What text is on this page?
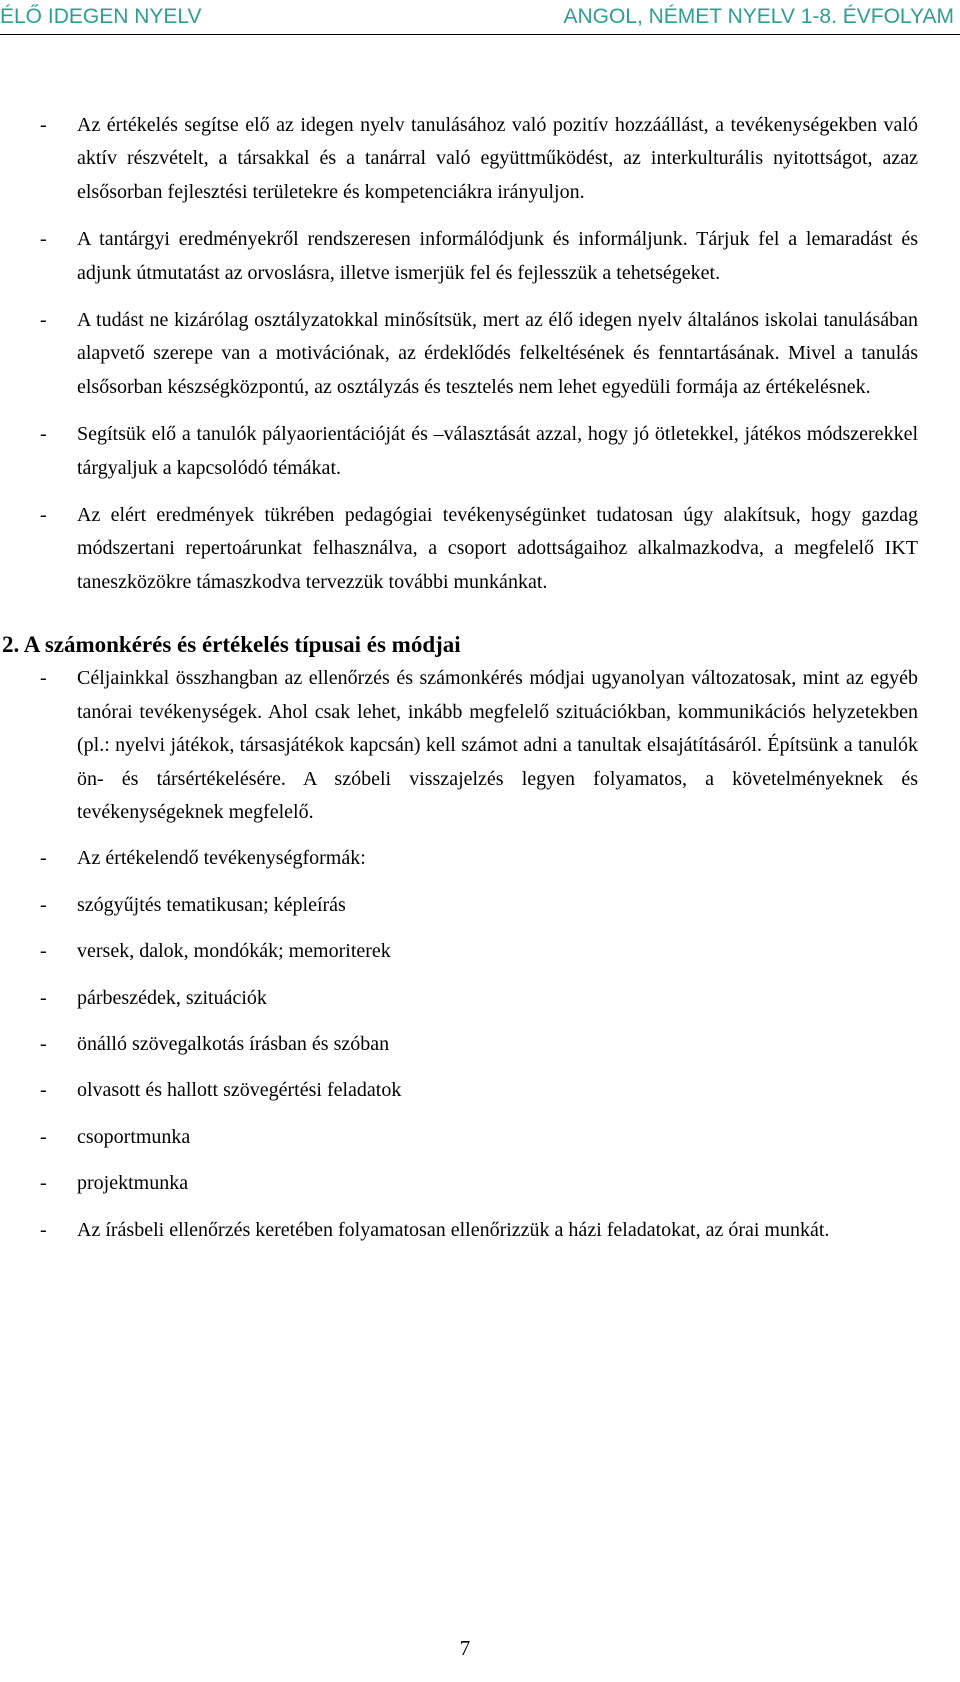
ÉLŐ IDEGEN NYELV	ANGOL, NÉMET NYELV 1-8. ÉVFOLYAM
- Az értékelés segítse elő az idegen nyelv tanulásához való pozitív hozzáállást, a tevékenységekben való aktív részvételt, a társakkal és a tanárral való együttműködést, az interkulturális nyitottságot, azaz elsősorban fejlesztési területekre és kompetenciákra irányuljon.
- A tantárgyi eredményekről rendszeresen informálódjunk és informáljunk. Tárjuk fel a lemaradást és adjunk útmutatást az orvoslásra, illetve ismerjük fel és fejlesszük a tehetségeket.
- A tudást ne kizárólag osztályzatokkal minősítsük, mert az élő idegen nyelv általános iskolai tanulásában alapvető szerepe van a motivációnak, az érdeklődés felkeltésének és fenntartásának. Mivel a tanulás elsősorban készségközpontú, az osztályzás és tesztelés nem lehet egyedüli formája az értékelésnek.
- Segítsük elő a tanulók pályaorientációját és –választását azzal, hogy jó ötletekkel, játékos módszerekkel tárgyaljuk a kapcsolódó témákat.
- Az elért eredmények tükrében pedagógiai tevékenységünket tudatosan úgy alakítsuk, hogy gazdag módszertani repertoárunkat felhasználva, a csoport adottságaihoz alkalmazkodva, a megfelelő IKT taneszközökre támaszkodva tervezzük további munkánkat.
2. A számonkérés és értékelés típusai és módjai
- Céljainkkal összhangban az ellenőrzés és számonkérés módjai ugyanolyan változatosak, mint az egyéb tanórai tevékenységek. Ahol csak lehet, inkább megfelelő szituációkban, kommunikációs helyzetekben (pl.: nyelvi játékok, társasjátékok kapcsán) kell számot adni a tanultak elsajátításáról. Építsünk a tanulók ön- és társértékelésére. A szóbeli visszajelzés legyen folyamatos, a követelményeknek és tevékenységeknek megfelelő.
- Az értékelendő tevékenységformák:
- szógyűjtés tematikusan; képleírás
- versek, dalok, mondókák; memoriterek
- párbeszédek, szituációk
- önálló szövegalkotás írásban és szóban
- olvasott és hallott szövegértési feladatok
- csoportmunka
- projektmunka
- Az írásbeli ellenőrzés keretében folyamatosan ellenőrizzük a házi feladatokat, az órai munkát.
7
